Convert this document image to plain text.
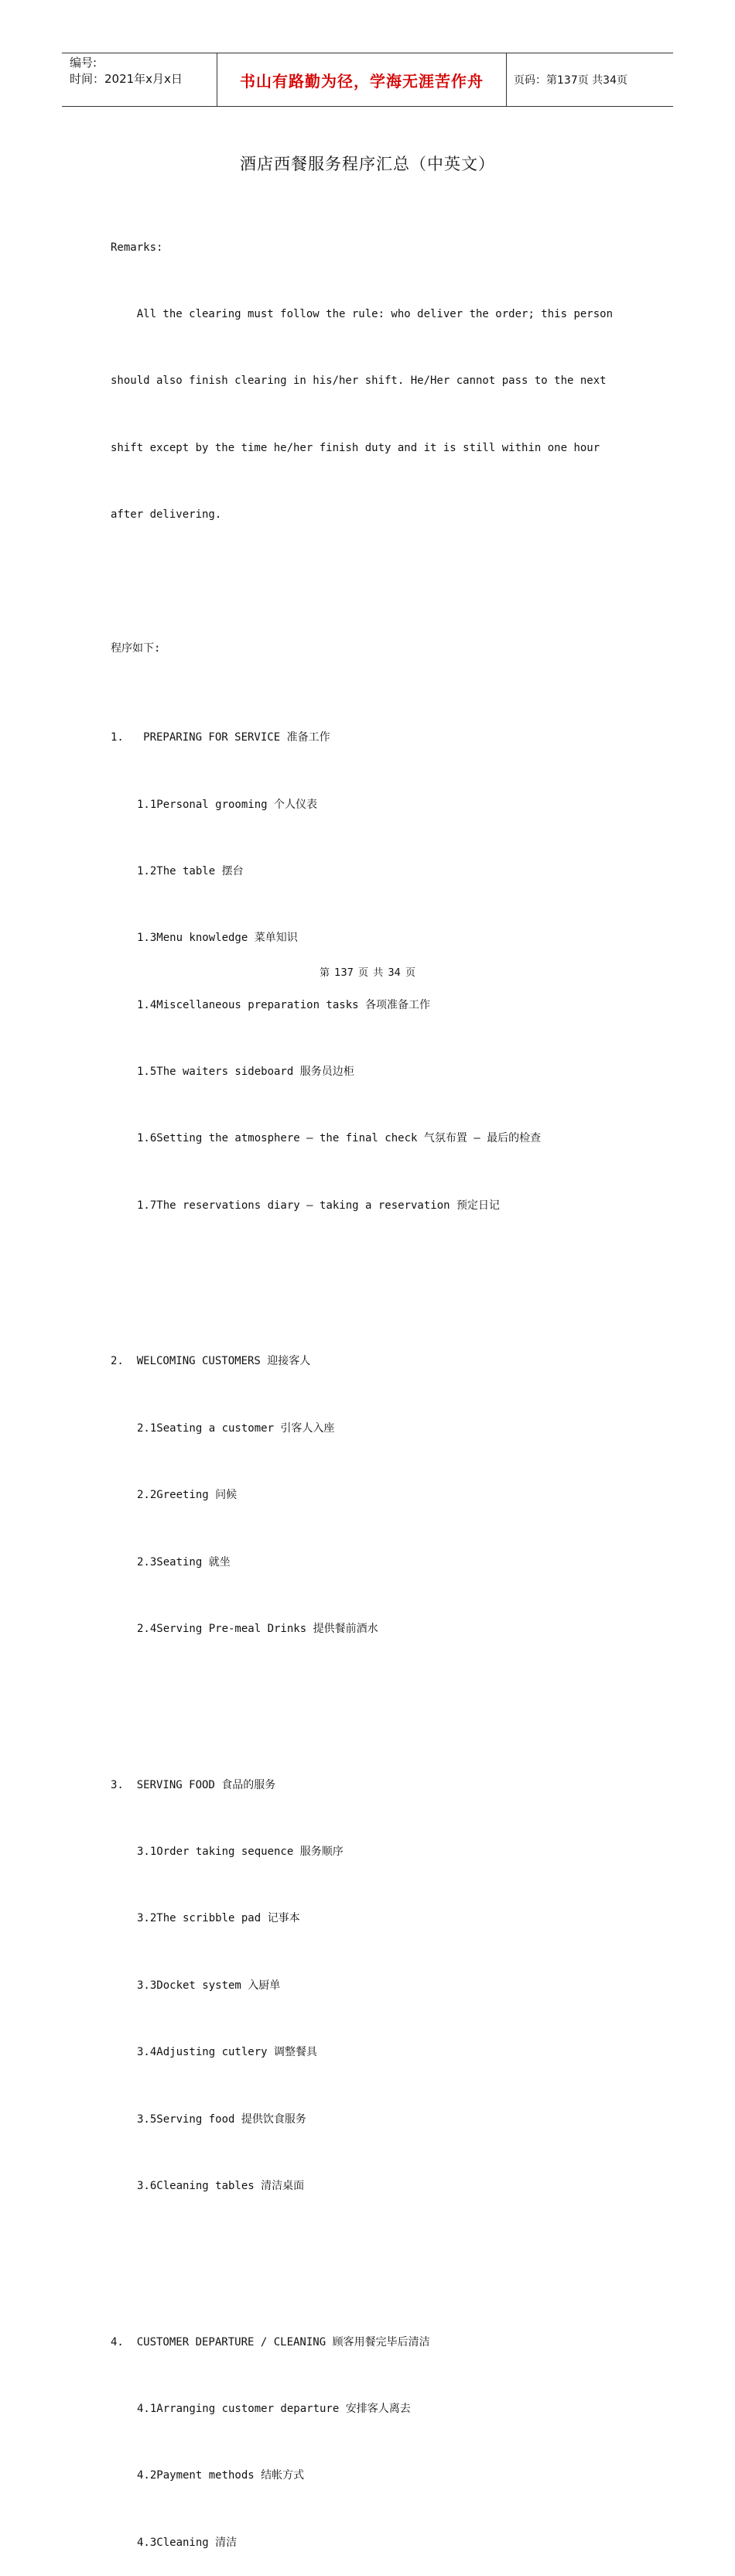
编号:
时间：2021年x月x日	书山有路勤为径，学海无涯苦作舟	页码：第137页 共34页
酒店西餐服务程序汇总（中英文）

Remarks:

All the clearing must follow the rule: who deliver the order; this person

should also finish clearing in his/her shift. He/Her cannot pass to the next

shift except by the time he/her finish duty and it is still within one hour

after delivering.

程序如下:

1.   PREPARING FOR SERVICE 准备工作

1.1Personal grooming 个人仪表

1.2The table 摆台

1.3Menu knowledge 菜单知识

1.4Miscellaneous preparation tasks 各项准备工作

1.5The waiters sideboard 服务员边柜

1.6Setting the atmosphere – the final check 气氛布置 – 最后的检查

1.7The reservations diary – taking a reservation 预定日记

2.  WELCOMING CUSTOMERS 迎接客人

2.1Seating a customer 引客人入座

2.2Greeting 问候

2.3Seating 就坐

2.4Serving Pre-meal Drinks 提供餐前酒水

3.  SERVING FOOD 食品的服务

3.1Order taking sequence 服务顺序

3.2The scribble pad 记事本

3.3Docket system 入厨单

3.4Adjusting cutlery 调整餐具

3.5Serving food 提供饮食服务

3.6Cleaning tables 清洁桌面

4.  CUSTOMER DEPARTURE / CLEANING 顾客用餐完毕后清洁

4.1Arranging customer departure 安排客人离去

4.2Payment methods 结帐方式

4.3Cleaning 清洁

第 137 页 共 34 页
